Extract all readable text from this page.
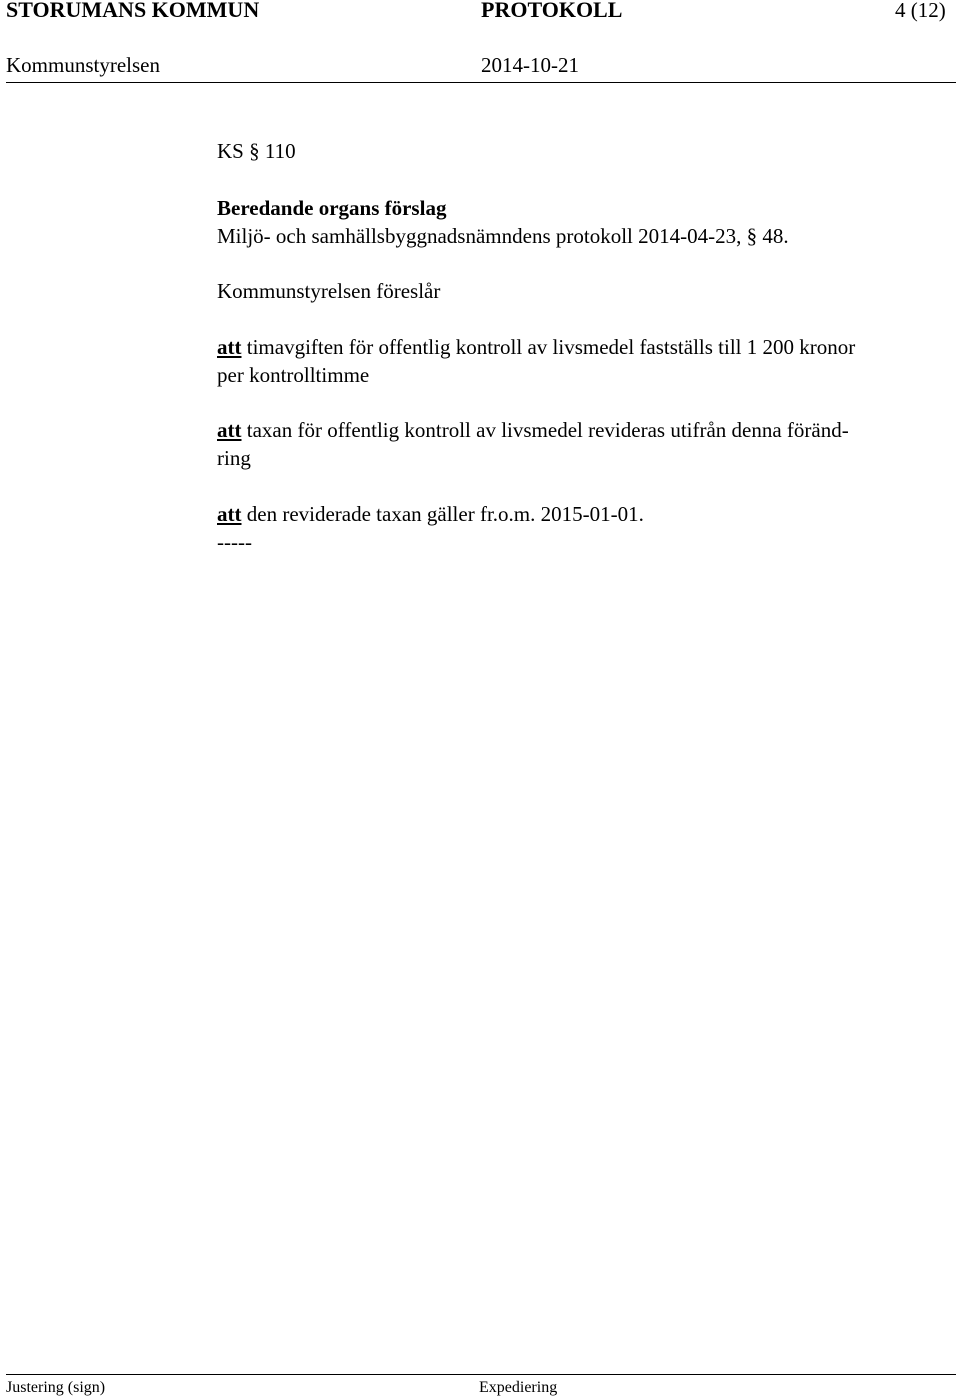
STORUMANS KOMMUN	PROTOKOLL	4 (12)
Kommunstyrelsen	2014-10-21
KS § 110
Beredande organs förslag
Miljö- och samhällsbyggnadsnämndens protokoll 2014-04-23, § 48.
Kommunstyrelsen föreslår
att timavgiften för offentlig kontroll av livsmedel fastställs till 1 200 kronor
per kontrolltimme
att taxan för offentlig kontroll av livsmedel revideras utifrån denna föränd-
ring
att den reviderade taxan gäller fr.o.m. 2015-01-01.
-----
Justering (sign)	Expediering
